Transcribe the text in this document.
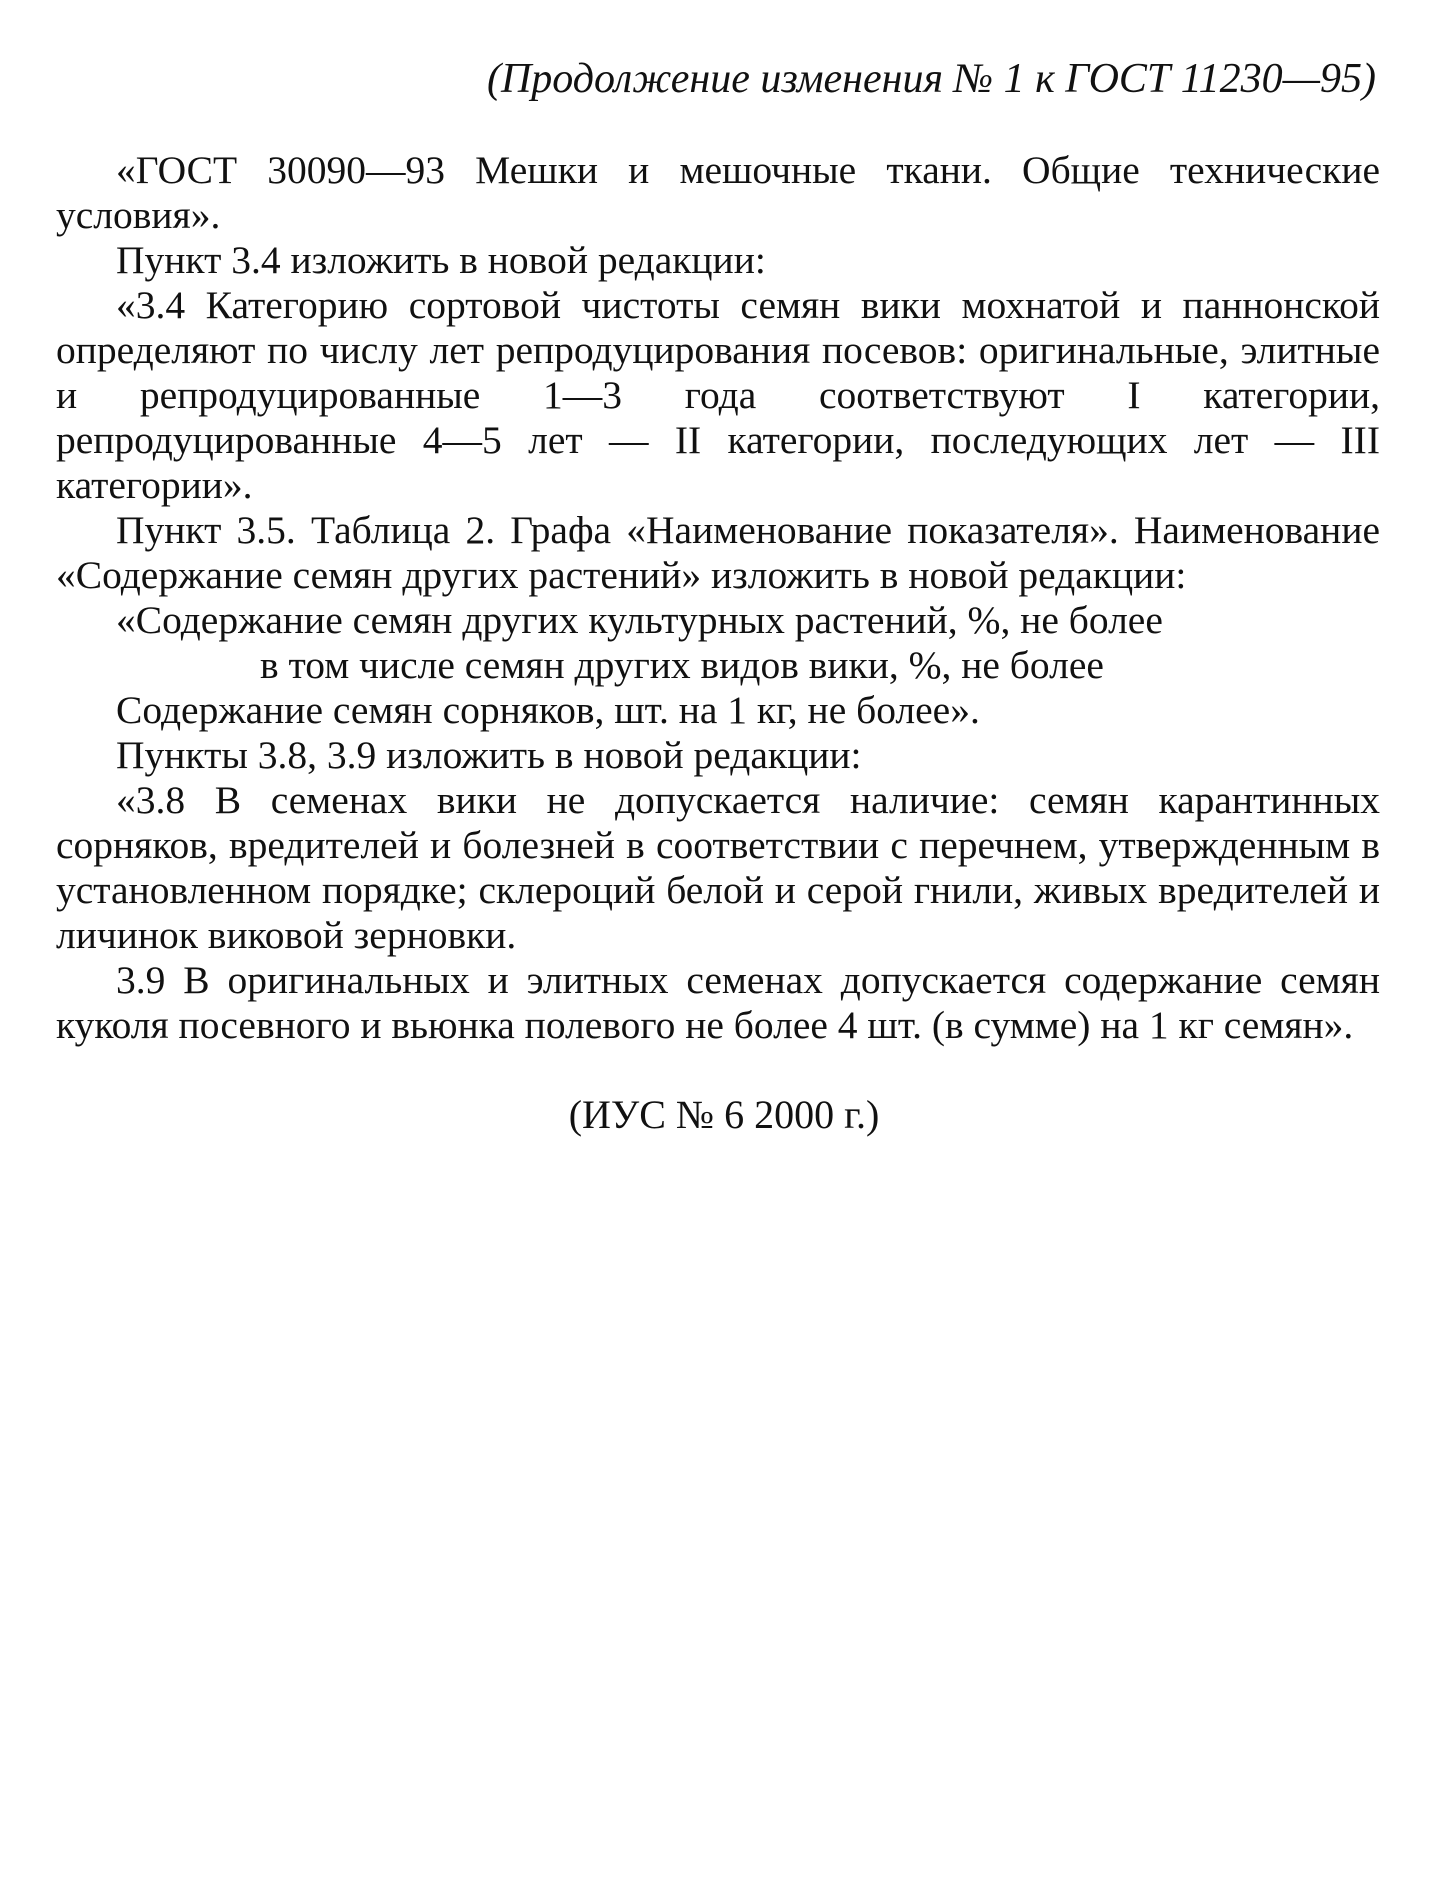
(Продолжение изменения № 1 к ГОСТ 11230—95)

«ГОСТ 30090—93 Мешки и мешочные ткани. Общие технические условия».

Пункт 3.4 изложить в новой редакции:

«3.4 Категорию сортовой чистоты семян вики мохнатой и паннонской определяют по числу лет репродуцирования посевов: оригинальные, элитные и репродуцированные 1—3 года соответствуют I категории, репродуцированные 4—5 лет — II категории, последующих лет — III категории».

Пункт 3.5. Таблица 2. Графа «Наименование показателя». Наименование «Содержание семян других растений» изложить в новой редакции:

«Содержание семян других культурных растений, %, не более
в том числе семян других видов вики, %, не более
Содержание семян сорняков, шт. на 1 кг, не более».

Пункты 3.8, 3.9 изложить в новой редакции:

«3.8 В семенах вики не допускается наличие: семян карантинных сорняков, вредителей и болезней в соответствии с перечнем, утвержденным в установленном порядке; склероций белой и серой гнили, живых вредителей и личинок виковой зерновки.

3.9 В оригинальных и элитных семенах допускается содержание семян куколя посевного и вьюнка полевого не более 4 шт. (в сумме) на 1 кг семян».

(ИУС № 6 2000 г.)
